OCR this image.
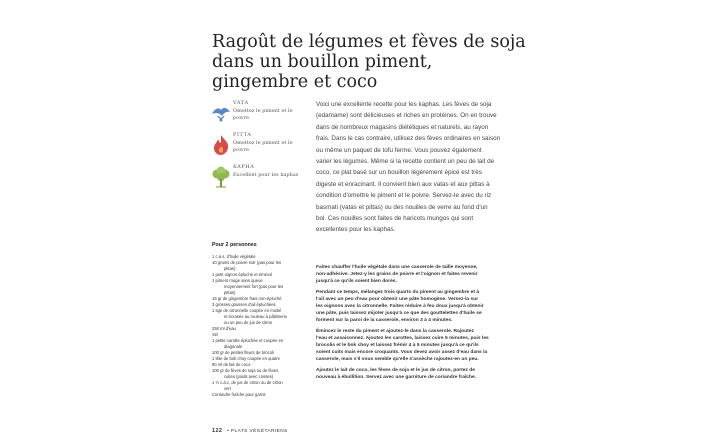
Ragoût de légumes et fèves de soja
dans un bouillon piment,
gingembre et coco
VATA
Omettez le piment et le
poivre
PITTA
Omettez le piment et le
poivre
KAPHA
Excellent pour les kaphas
Voici une excellente recette pour les kaphas. Les fèves de soja
(edamame) sont délicieuses et riches en protéines. On en trouve
dans de nombreux magasins diététiques et naturels, au rayon
frais. Dans le cas contraire, utilisez des fèves ordinaires en saison
ou même un paquet de tofu ferme. Vous pouvez également
varier les légumes. Même si la recette contient un peu de lait de
coco, ce plat basé sur un bouillon légèrement épicé est très
digeste et enracinant. Il convient bien aux vatas et aux pittas à
condition d'omettre le piment et le poivre. Servez-le avec du riz
basmati (vatas et pittas) ou des nouilles de verre au fond d'un
bol. Ces nouilles sont faites de haricots mungos qui sont
excellentes pour les kaphas.
Pour 2 personnes
1 c.à.s. d'huile végétale
10 grains de poivre noir (pas pour les
pittas)
1 petit oignon épluché et émincé
1 piment rouge sans queue
moyennement fort (pas pour les
pittas)
15 gr de gingembre frais non-épluché
3 grosses gousses d'ail épluchées
1 tige de citronnelle coupée en moitié
et écrasée au rouleau à pâtisserie
ou un peu de jus de citron
250 ml d'eau
Sel
1 petite carotte épluchée et coupée en
diagonale
100 gr de petites fleurs de brocoli
1 tête de bok choy coupée en quatre
90 ml de lait de coco
100 gr de fèves de soja ou de fèves
cuites (poids avec cosses)
1 ½ c.à.c. de jus de citron ou de citron
vert
Coriandre fraîche pour garnir

Faites chauffer l'huile végétale dans une casserole de taille moyenne,
non-adhésive. Jetez-y les grains de poivre et l'oignon et faites revenir
jusqu'à ce qu'ils soient bien dorés.

Pendant ce temps, mélangez trois quarts du piment au gingembre et à
l'ail avec un peu d'eau pour obtenir une pâte homogène. Versez-la sur
les oignons avec la citronnelle. Faites réduire à feu doux jusqu'à obtenir
une pâte, puis laissez mijoter jusqu'à ce que des gouttelettes d'huile se
forment sur la paroi de la casserole, environ 3 à 4 minutes.

Émincez le reste du piment et ajoutez-le dans la casserole. Rajoutez
l'eau et assaisonnez. Ajoutez les carottes, laissez cuire 5 minutes, puis les
brocolis et le bok choy et laissez frémir 4 à 5 minutes jusqu'à ce qu'ils
soient cuits mais encore croquants. Vous devez avoir assez d'eau dans la
casserole, mais s'il vous semble qu'elle s'assèche rajoutez-en un peu.

Ajoutez le lait de coco, les fèves de soja et le jus de citron, portez de
nouveau à ébullition. Servez avec une garniture de coriandre fraîche.

122 • PLATS VÉGÉTARIENS
